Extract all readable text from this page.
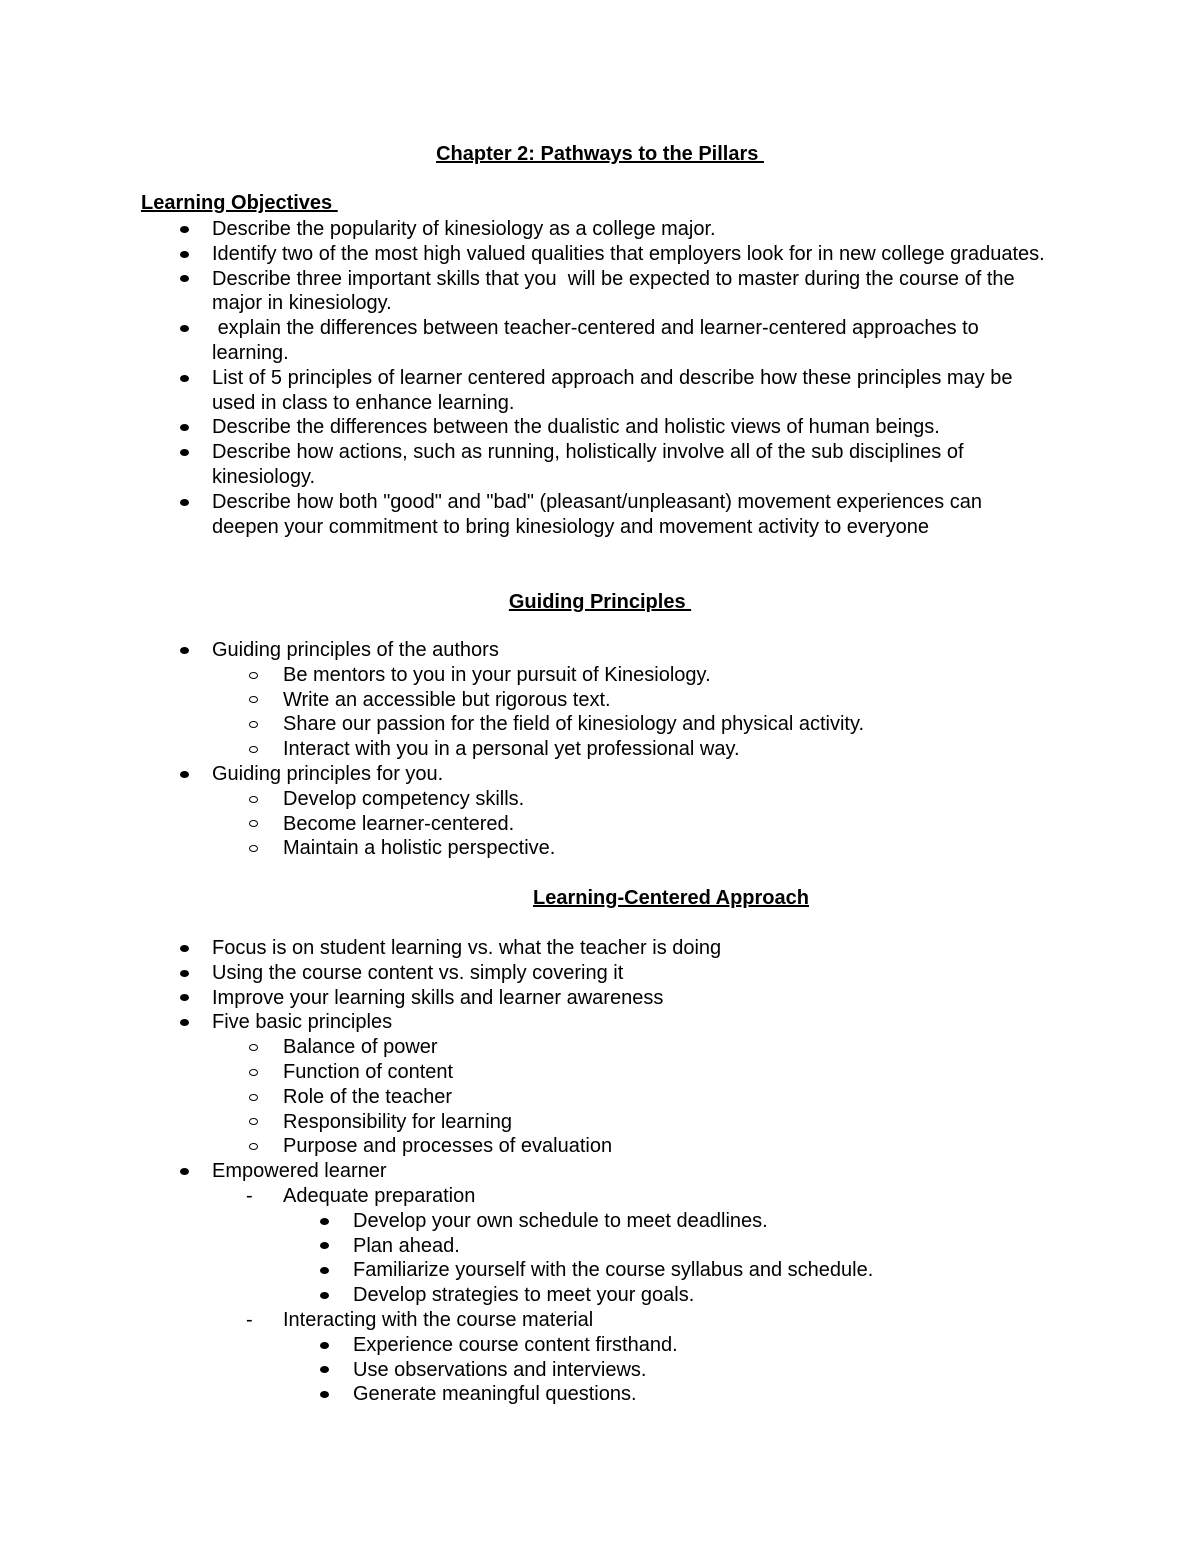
Chapter 2: Pathways to the Pillars

Learning Objectives

Describe the popularity of kinesiology as a college major.
Identify two of the most high valued qualities that employers look for in new college graduates.
Describe three important skills that you  will be expected to master during the course of the major in kinesiology.
explain the differences between teacher-centered and learner-centered approaches to learning.
List of 5 principles of learner centered approach and describe how these principles may be used in class to enhance learning.
Describe the differences between the dualistic and holistic views of human beings.
Describe how actions, such as running, holistically involve all of the sub disciplines of kinesiology.
Describe how both "good" and "bad" (pleasant/unpleasant) movement experiences can deepen your commitment to bring kinesiology and movement activity to everyone

Guiding Principles

Guiding principles of the authors
Be mentors to you in your pursuit of Kinesiology.
Write an accessible but rigorous text.
Share our passion for the field of kinesiology and physical activity.
Interact with you in a personal yet professional way.
Guiding principles for you.
Develop competency skills.
Become learner-centered.
Maintain a holistic perspective.

Learning-Centered Approach

Focus is on student learning vs. what the teacher is doing
Using the course content vs. simply covering it
Improve your learning skills and learner awareness
Five basic principles
Balance of power
Function of content
Role of the teacher
Responsibility for learning
Purpose and processes of evaluation
Empowered learner
- Adequate preparation
Develop your own schedule to meet deadlines.
Plan ahead.
Familiarize yourself with the course syllabus and schedule.
Develop strategies to meet your goals.
- Interacting with the course material
Experience course content firsthand.
Use observations and interviews.
Generate meaningful questions.
